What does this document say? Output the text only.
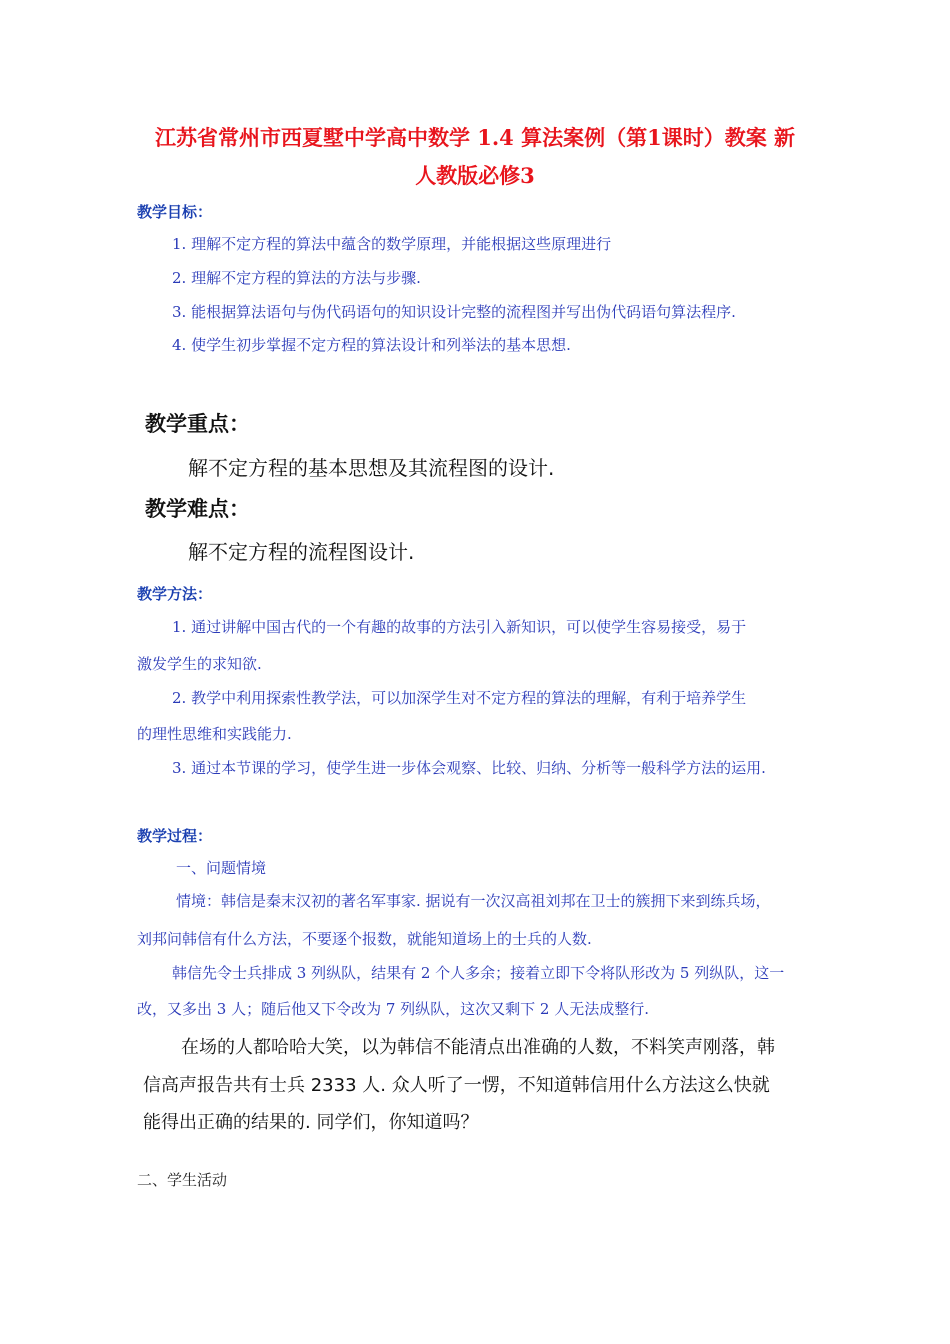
江苏省常州市西夏墅中学高中数学 1.4 算法案例（第1课时）教案 新
人教版必修3
教学目标：
1. 理解不定方程的算法中蕴含的数学原理，并能根据这些原理进行
2. 理解不定方程的算法的方法与步骤.
3. 能根据算法语句与伪代码语句的知识设计完整的流程图并写出伪代码语句算法程序.
4. 使学生初步掌握不定方程的算法设计和列举法的基本思想.
教学重点：
解不定方程的基本思想及其流程图的设计.
教学难点：
解不定方程的流程图设计.
教学方法：
1. 通过讲解中国古代的一个有趣的故事的方法引入新知识，可以使学生容易接受，易于
激发学生的求知欲.
2. 教学中利用探索性教学法，可以加深学生对不定方程的算法的理解，有利于培养学生
的理性思维和实践能力.
3. 通过本节课的学习，使学生进一步体会观察、比较、归纳、分析等一般科学方法的运用.
教学过程：
一、问题情境
情境：韩信是秦末汉初的著名军事家. 据说有一次汉高祖刘邦在卫士的簇拥下来到练兵场，
刘邦问韩信有什么方法，不要逐个报数，就能知道场上的士兵的人数.
韩信先令士兵排成 3 列纵队，结果有 2 个人多余；接着立即下令将队形改为 5 列纵队，这一
改，又多出 3 人；随后他又下令改为 7 列纵队，这次又剩下 2 人无法成整行.
在场的人都哈哈大笑，以为韩信不能清点出准确的人数，不料笑声刚落，韩
信高声报告共有士兵 2333 人. 众人听了一愣，不知道韩信用什么方法这么快就
能得出正确的结果的. 同学们，你知道吗？
二、学生活动
